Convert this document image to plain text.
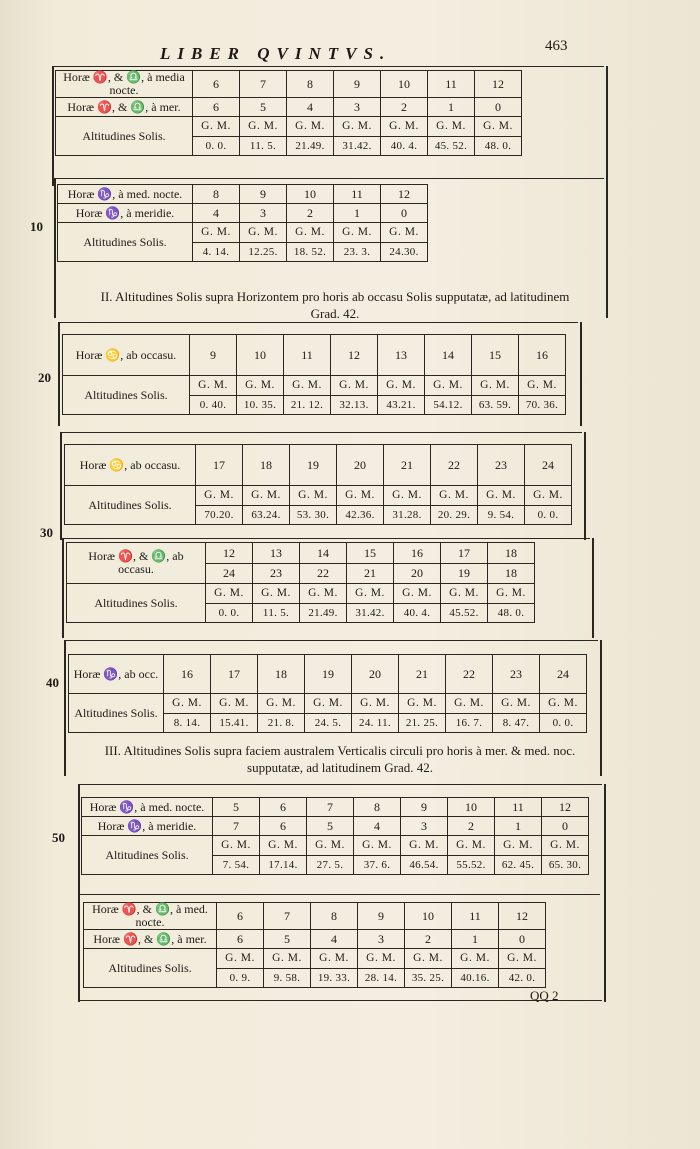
LIBER QVINTVS.	463
10
20
30
40
50
Horæ ♈, & ♎, à media nocte.	6	7	8	9	10	11	12
Horæ ♈, & ♎, à mer.	6	5	4	3	2	1	0
Altitudines Solis.	G. M.	G. M.	G. M.	G. M.	G. M.	G. M.	G. M.
	0. 0.	11. 5.	21.49.	31.42.	40. 4.	45. 52.	48. 0.
Horæ ♑, à med. nocte.	8	9	10	11	12
Horæ ♑, à meridie.	4	3	2	1	0
Altitudines Solis.	G. M.	G. M.	G. M.	G. M.	G. M.
	4. 14.	12.25.	18. 52.	23. 3.	24.30.
II. Altitudines Solis supra Horizontem pro horis ab occasu Solis supputatæ, ad latitudinem Grad. 42.
Horæ ♋, ab occasu.	9	10	11	12	13	14	15	16
Altitudines Solis.	G. M.	G. M.	G. M.	G. M.	G. M.	G. M.	G. M.	G. M.
	0. 40.	10. 35.	21. 12.	32.13.	43.21.	54.12.	63. 59.	70. 36.
Horæ ♋, ab occasu.	17	18	19	20	21	22	23	24
Altitudines Solis.	G. M.	G. M.	G. M.	G. M.	G. M.	G. M.	G. M.	G. M.
	70.20.	63.24.	53. 30.	42.36.	31.28.	20. 29.	9. 54.	0. 0.
Horæ ♈, & ♎, ab occasu.	12	13	14	15	16	17	18
	24	23	22	21	20	19	18
Altitudines Solis.	G. M.	G. M.	G. M.	G. M.	G. M.	G. M.	G. M.
	0. 0.	11. 5.	21.49.	31.42.	40. 4.	45.52.	48. 0.
Horæ ♑, ab occ.	16	17	18	19	20	21	22	23	24
Altitudines Solis.	G. M.	G. M.	G. M.	G. M.	G. M.	G. M.	G. M.	G. M.	G. M.
	8. 14.	15.41.	21. 8.	24. 5.	24. 11.	21. 25.	16. 7.	8. 47.	0. 0.
III. Altitudines Solis supra faciem australem Verticalis circuli pro horis à mer. & med. noc. supputatæ, ad latitudinem Grad. 42.
Horæ ♑, à med. nocte.	5	6	7	8	9	10	11	12
Horæ ♑, à meridie.	7	6	5	4	3	2	1	0
Altitudines Solis.	G. M.	G. M.	G. M.	G. M.	G. M.	G. M.	G. M.	G. M.
	7. 54.	17.14.	27. 5.	37. 6.	46.54.	55.52.	62. 45.	65. 30.
Horæ ♈, & ♎, à med. nocte.	6	7	8	9	10	11	12
Horæ ♈, & ♎, à mer.	6	5	4	3	2	1	0
Altitudines Solis.	G. M.	G. M.	G. M.	G. M.	G. M.	G. M.	G. M.
	0. 9.	9. 58.	19. 33.	28. 14.	35. 25.	40.16.	42. 0.
QQ 2
